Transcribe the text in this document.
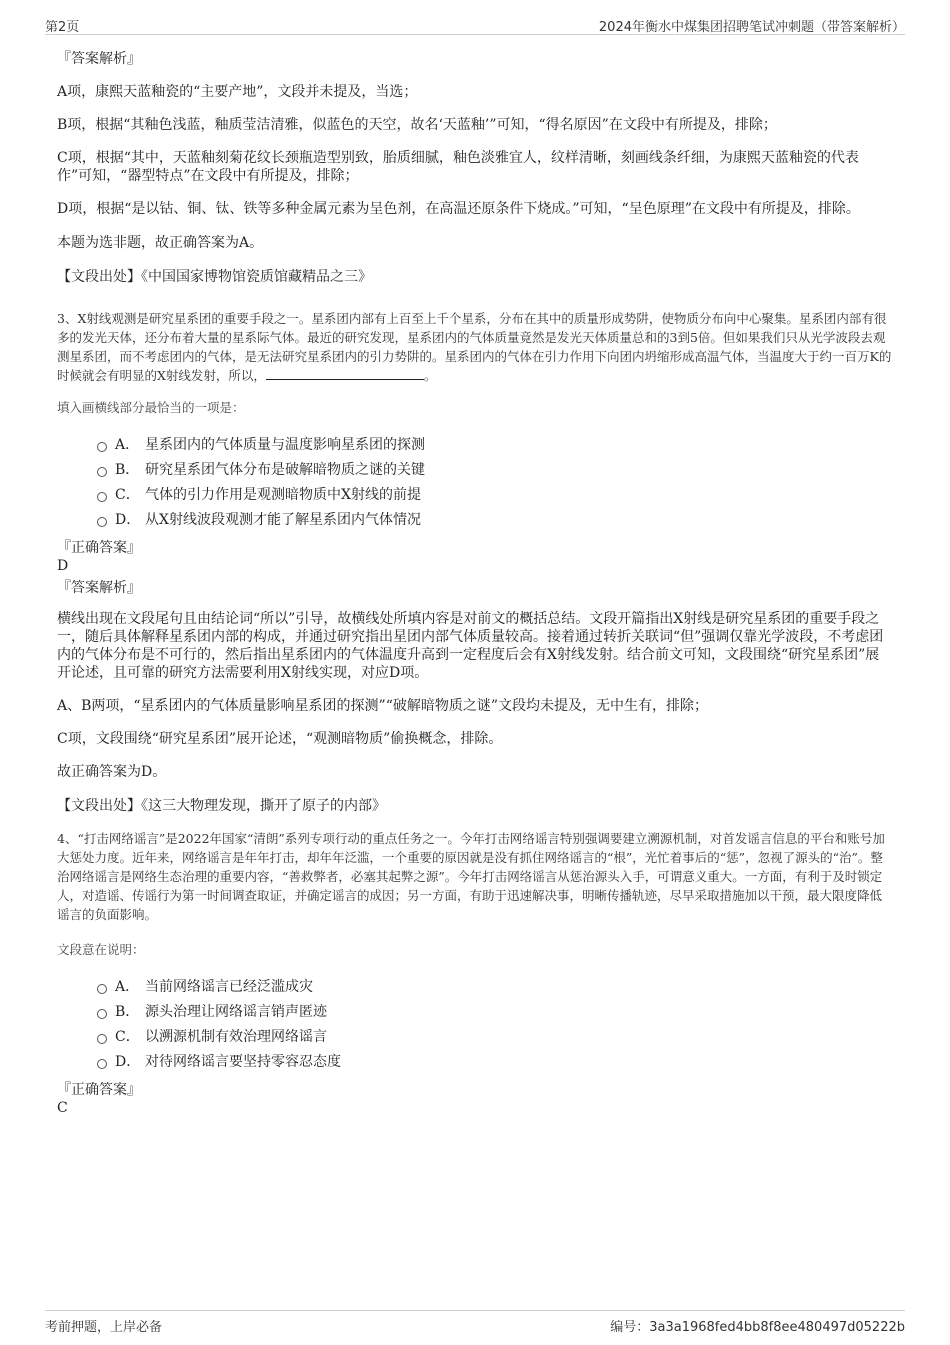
第2页	2024年衡水中煤集团招聘笔试冲刺题（带答案解析）
『答案解析』
A项，康熙天蓝釉瓷的“主要产地”，文段并未提及，当选；
B项，根据“其釉色浅蓝，釉质莹洁清雅，似蓝色的天空，故名‘天蓝釉’”可知，“得名原因”在文段中有所提及，排除；
C项，根据“其中，天蓝釉刻菊花纹长颈瓶造型别致，胎质细腻，釉色淡雅宜人，纹样清晰，刻画线条纤细，为康熙天蓝釉瓷的代表作”可知，“器型特点”在文段中有所提及，排除；
D项，根据“是以钴、铜、钛、铁等多种金属元素为呈色剂，在高温还原条件下烧成。”可知，“呈色原理”在文段中有所提及，排除。
本题为选非题，故正确答案为A。
【文段出处】《中国国家博物馆瓷质馆藏精品之三》
3、X射线观测是研究星系团的重要手段之一。星系团内部有上百至上千个星系，分布在其中的质量形成势阱，使物质分布向中心聚集。星系团内部有很多的发光天体，还分布着大量的星系际气体。最近的研究发现，星系团内的气体质量竟然是发光天体质量总和的3到5倍。但如果我们只从光学波段去观测星系团，而不考虑团内的气体，是无法研究星系团内的引力势阱的。星系团内的气体在引力作用下向团内坍缩形成高温气体，当温度大于约一百万K的时候就会有明显的X射线发射，所以，	。
填入画横线部分最恰当的一项是：
A． 星系团内的气体质量与温度影响星系团的探测
B． 研究星系团气体分布是破解暗物质之谜的关键
C． 气体的引力作用是观测暗物质中X射线的前提
D． 从X射线波段观测才能了解星系团内气体情况
『正确答案』
D
『答案解析』
横线出现在文段尾句且由结论词“所以”引导，故横线处所填内容是对前文的概括总结。文段开篇指出X射线是研究星系团的重要手段之一，随后具体解释星系团内部的构成，并通过研究指出星团内部气体质量较高。接着通过转折关联词“但”强调仅靠光学波段，不考虑团内的气体分布是不可行的，然后指出星系团内的气体温度升高到一定程度后会有X射线发射。结合前文可知，文段围绕“研究星系团”展开论述，且可靠的研究方法需要利用X射线实现，对应D项。
A、B两项，“星系团内的气体质量影响星系团的探测”“破解暗物质之谜”文段均未提及，无中生有，排除；
C项，文段围绕“研究星系团”展开论述，“观测暗物质”偷换概念，排除。
故正确答案为D。
【文段出处】《这三大物理发现，撕开了原子的内部》
4、“打击网络谣言”是2022年国家“清朗”系列专项行动的重点任务之一。今年打击网络谣言特别强调要建立溯源机制，对首发谣言信息的平台和账号加大惩处力度。近年来，网络谣言是年年打击，却年年泛滥，一个重要的原因就是没有抓住网络谣言的“根”，光忙着事后的“惩”，忽视了源头的“治”。整治网络谣言是网络生态治理的重要内容，“善救弊者，必塞其起弊之源”。今年打击网络谣言从惩治源头入手，可谓意义重大。一方面，有利于及时锁定人，对造谣、传谣行为第一时间调查取证，并确定谣言的成因；另一方面，有助于迅速解决事，明晰传播轨迹，尽早采取措施加以干预，最大限度降低谣言的负面影响。
文段意在说明：
A． 当前网络谣言已经泛滥成灾
B． 源头治理让网络谣言销声匿迹
C． 以溯源机制有效治理网络谣言
D． 对待网络谣言要坚持零容忍态度
『正确答案』
C
考前押题，上岸必备	编号：3a3a1968fed4bb8f8ee480497d05222b
